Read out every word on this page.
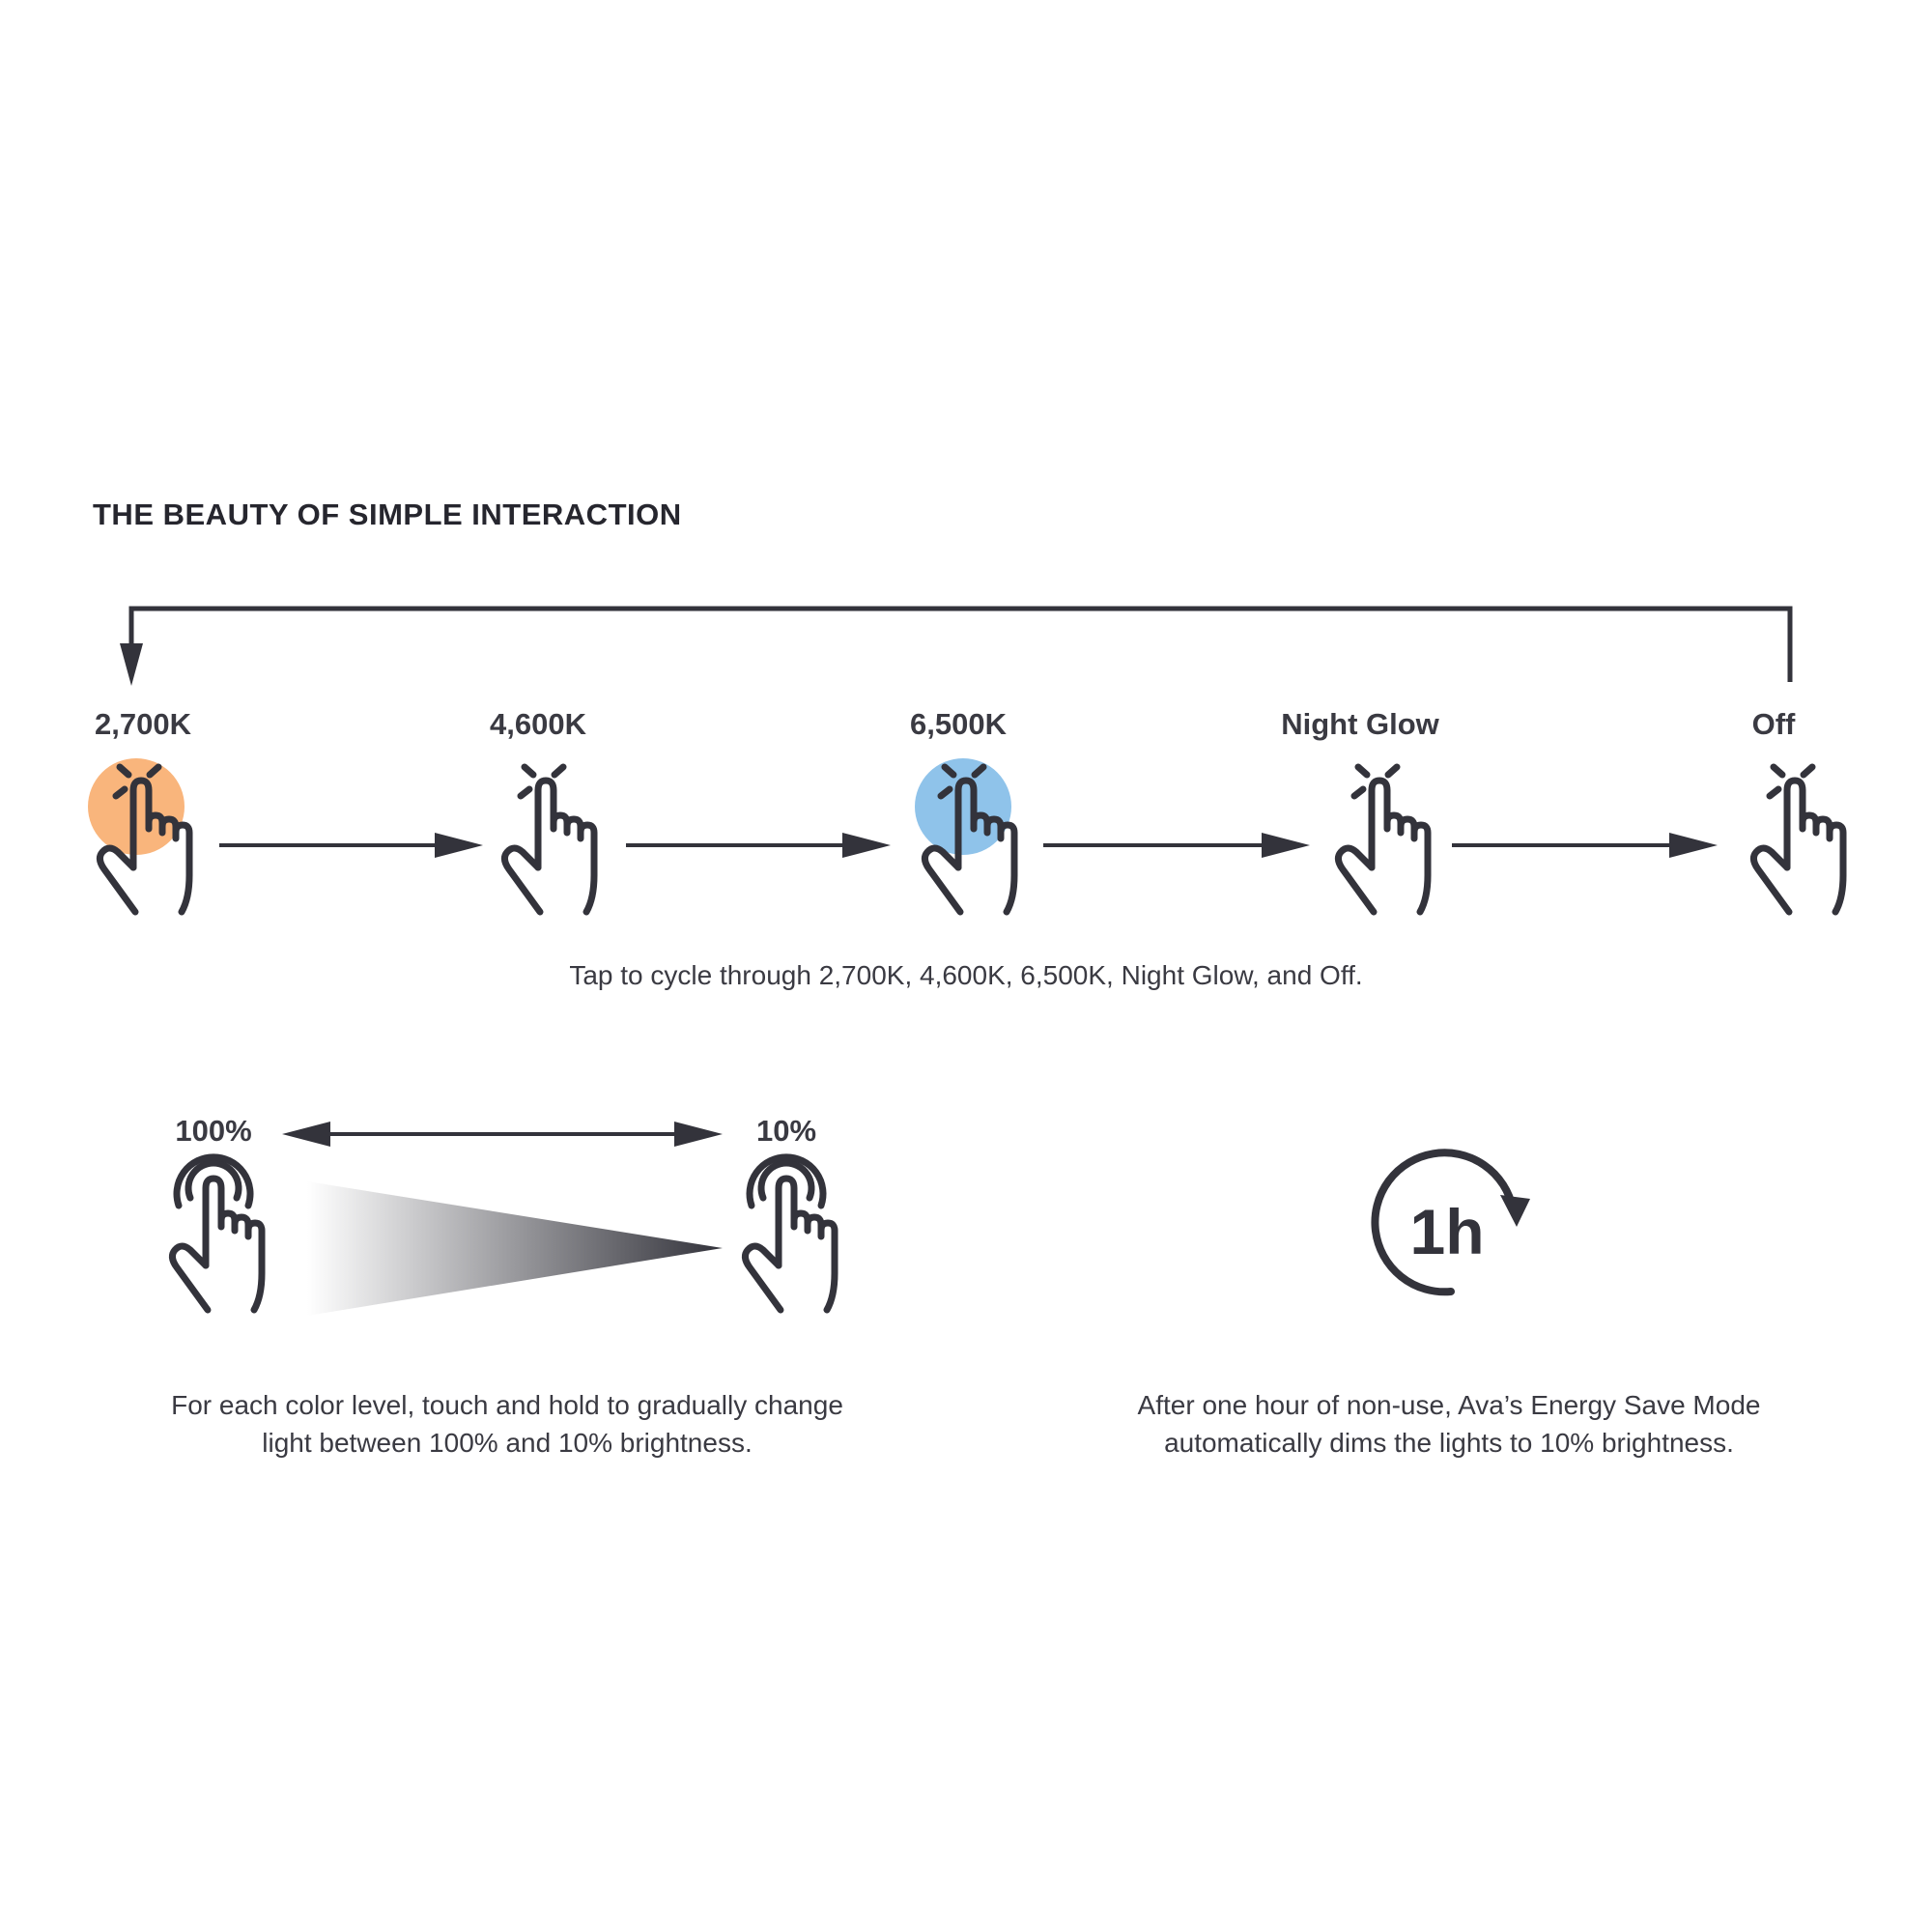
THE BEAUTY OF SIMPLE INTERACTION
2,700K	4,600K	6,500K	Night Glow	Off
1h
Tap to cycle through 2,700K, 4,600K, 6,500K, Night Glow, and Off.
100%	10%
For each color level, touch and hold to gradually change
light between 100% and 10% brightness.
After one hour of non-use, Ava’s Energy Save Mode
automatically dims the lights to 10% brightness.
